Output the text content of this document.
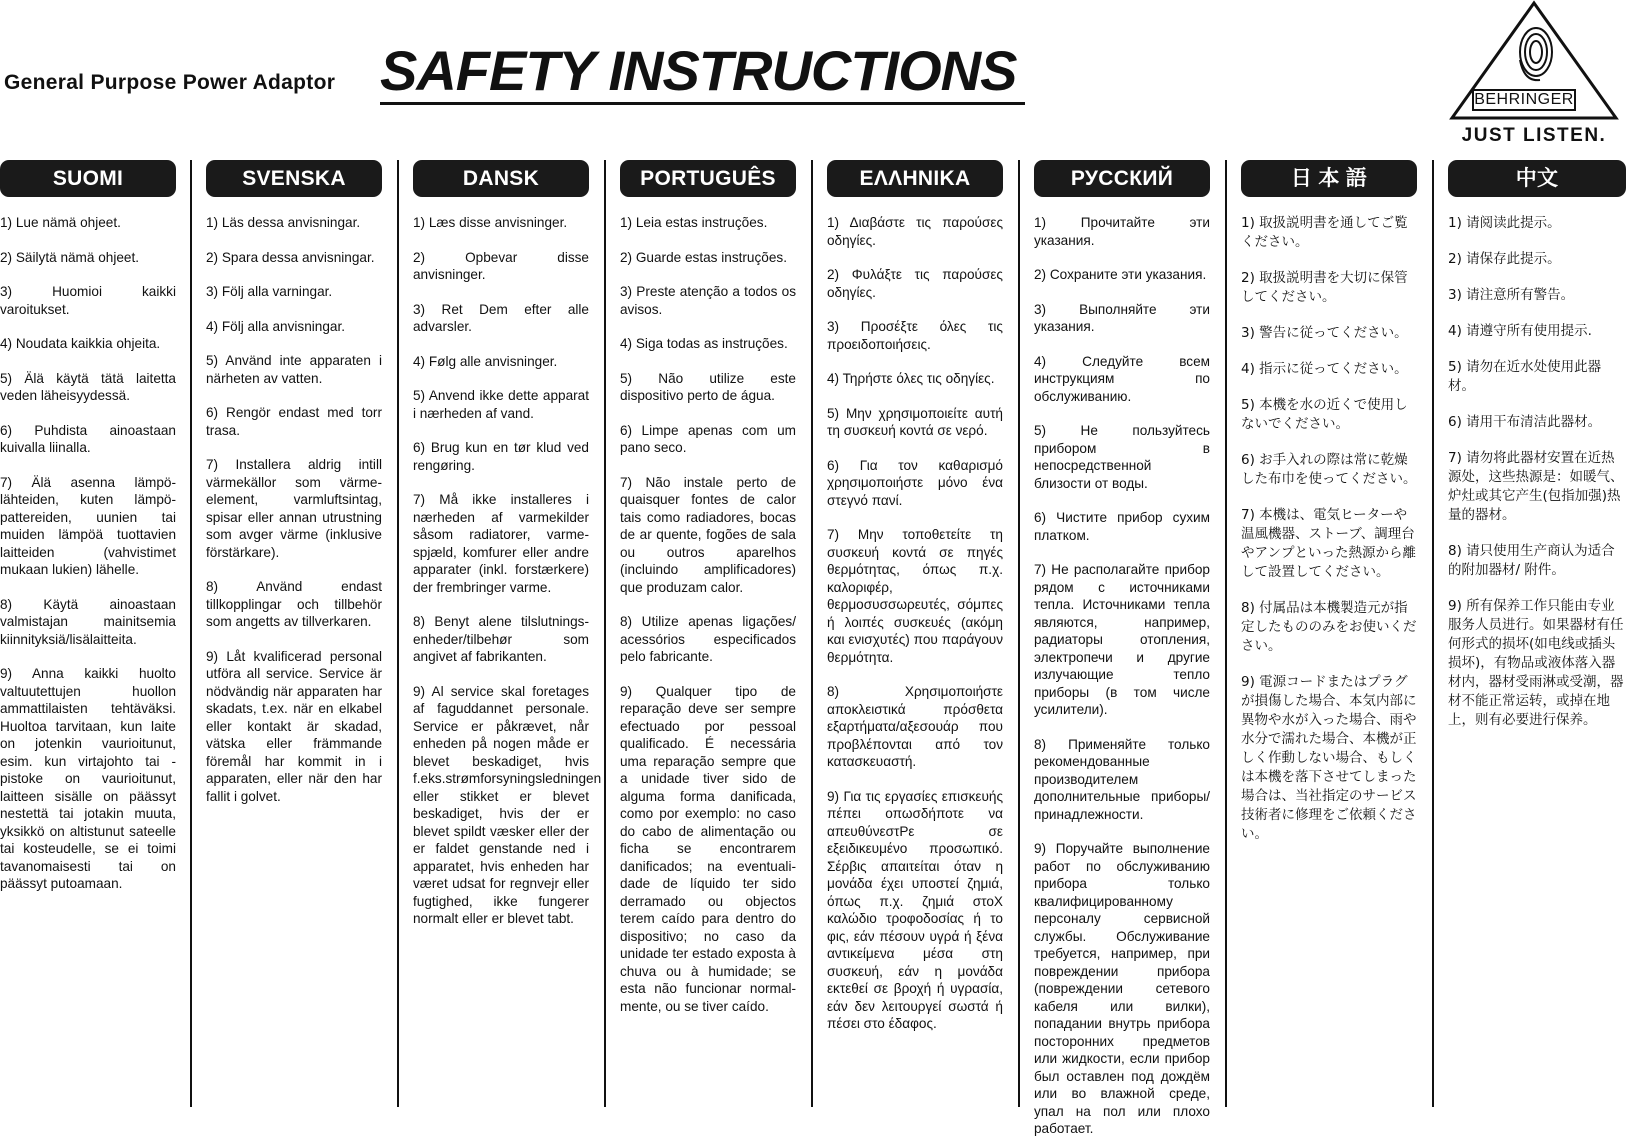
General Purpose Power Adaptor SAFETY INSTRUCTIONS	BEHRINGER
JUST LISTEN.
SUOMI
1) Lue nämä ohjeet.
2) Säilytä nämä ohjeet.
3) Huomioi kaikki varoitukset.
4) Noudata kaikkia ohjeita.
5) Älä käytä tätä laitetta veden läheisyydessä.
6) Puhdista ainoastaan kuivalla liinalla.
7) Älä asenna lämpö-lähteiden, kuten lämpö-pattereiden, uunien tai muiden lämpöä tuottavien laitteiden (vahvistimet mukaan lukien) lähelle.
8) Käytä ainoastaan valmistajan mainitsemia kiinnityksiä/lisälaitteita.
9) Anna kaikki huolto valtuutettujen huollon ammattilaisten tehtäväksi. Huoltoa tarvitaan, kun laite on jotenkin vaurioitunut, esim. kun virtajohto tai -pistoke on vaurioitunut, laitteen sisälle on päässyt nestettä tai jotakin muuta, yksikkö on altistunut sateelle tai kosteudelle, se ei toimi tavanomaisesti tai on päässyt putoamaan.
SVENSKA
1) Läs dessa anvisningar.
2) Spara dessa anvisningar.
3) Följ alla varningar.
4) Följ alla anvisningar.
5) Använd inte apparaten i närheten av vatten.
6) Rengör endast med torr trasa.
7) Installera aldrig intill värmekällor som värme-element, varmluftsintag, spisar eller annan utrustning som avger värme (inklusive förstärkare).
8) Använd endast tillkopplingar och tillbehör som angetts av tillverkaren.
9) Låt kvalificerad personal utföra all service. Service är nödvändig när apparaten har skadats, t.ex. när en elkabel eller kontakt är skadad, vätska eller främmande föremål har kommit in i apparaten, eller när den har fallit i golvet.
DANSK
1) Læs disse anvisninger.
2) Opbevar disse anvisninger.
3) Ret Dem efter alle advarsler.
4) Følg alle anvisninger.
5) Anvend ikke dette apparat i nærheden af vand.
6) Brug kun en tør klud ved rengøring.
7) Må ikke installeres i nærheden af varmekilder såsom radiatorer, varme-spjæld, komfurer eller andre apparater (inkl. forstærkere) der frembringer varme.
8) Benyt alene tilslutnings-enheder/tilbehør som angivet af fabrikanten.
9) Al service skal foretages af faguddannet personale. Service er påkrævet, når enheden på nogen måde er blevet beskadiget, hvis f.eks.strømforsyningsledningen eller stikket er blevet beskadiget, hvis der er blevet spildt væsker eller der er faldet genstande ned i apparatet, hvis enheden har været udsat for regnvejr eller fugtighed, ikke fungerer normalt eller er blevet tabt.
PORTUGUÊS
1) Leia estas instruções.
2) Guarde estas instruções.
3) Preste atenção a todos os avisos.
4) Siga todas as instruções.
5) Não utilize este dispositivo perto de água.
6) Limpe apenas com um pano seco.
7) Não instale perto de quaisquer fontes de calor tais como radiadores, bocas de ar quente, fogões de sala ou outros aparelhos (incluindo amplificadores) que produzam calor.
8) Utilize apenas ligações/ acessórios especificados pelo fabricante.
9) Qualquer tipo de reparação deve ser sempre efectuado por pessoal qualificado. É necessária uma reparação sempre que a unidade tiver sido de alguma forma danificada, como por exemplo: no caso do cabo de alimentação ou ficha se encontrarem danificados; na eventuali-dade de líquido ter sido derramado ou objectos terem caído para dentro do dispositivo; no caso da unidade ter estado exposta à chuva ou à humidade; se esta não funcionar normal-mente, ou se tiver caído.
ΕΛΛΗΝΙΚΑ
1) Διαβάστε τις παρούσες οδηγίες.
2) Φυλάξτε τις παρούσες οδηγίες.
3) Προσέξτε όλες τις προειδοποιήσεις.
4) Τηρήστε όλες τις οδηγίες.
5) Μην χρησιμοποιείτε αυτή τη συσκευή κοντά σε νερό.
6) Για τον καθαρισμό χρησιμοποιήστε μόνο ένα στεγνό πανί.
7) Μην τοποθετείτε τη συσκευή κοντά σε πηγές θερμότητας, όπως π.χ. καλοριφέρ, θερμοσυσσωρευτές, σόμπες ή λοιπές συσκευές (ακόμη και ενισχυτές) που παράγουν θερμότητα.
8) Χρησιμοποιήστε αποκλειστικά πρόσθετα εξαρτήματα/αξεσουάρ που προβλέπονται από τον κατασκευαστή.
9) Για τις εργασίες επισκευής πέπει οπωσδήποτε να απευθύνεστΡε σε εξειδικευμένο προσωπικό. Σέρβις απαιτείται όταν η μονάδα έχει υποστεί ζημιά, όπως π.χ. ζημιά στοΧ καλώδιο τροφοδοσίας ή το φις, εάν πέσουν υγρά ή ξένα αντικείμενα μέσα στη συσκευή, εάν η μονάδα εκτεθεί σε βροχή ή υγρασία, εάν δεν λειτουργεί σωστά ή πέσει στο έδαφος.
РУССКИЙ
1) Прочитайте эти указания.
2) Сохраните эти указания.
3) Выполняйте эти указания.
4) Следуйте всем инструкциям по обслуживанию.
5) Не пользуйтесь прибором в непосредственной близости от воды.
6) Чистите прибор сухим платком.
7) Не располагайте прибор рядом с источниками тепла. Источниками тепла являются, например, радиаторы отопления, электропечи и другие излучающие тепло приборы (в том числе усилители).
8) Применяйте только рекомендованные производителем дополнительные приборы/ принадлежности.
9) Поручайте выполнение работ по обслуживанию прибора только квалифицированному персоналу сервисной службы. Обслуживание требуется, например, при повреждении прибора (повреждении сетевого кабеля или вилки), попадании внутрь прибора посторонних предметов или жидкости, если прибор был оставлен под дождём или во влажной среде, упал на пол или плохо работает.
日 本 語
1) 取扱説明書を通してご覧ください。
2) 取扱説明書を大切に保管してください。
3) 警告に従ってください。
4) 指示に従ってください。
5) 本機を水の近くで使用しないでください。
6) お手入れの際は常に乾燥した布巾を使ってください。
7) 本機は、電気ヒーターや温風機器、ストーブ、調理台やアンプといった熱源から離して設置してください。
8) 付属品は本機製造元が指定したもののみをお使いください。
9) 電源コードまたはプラグが損傷した場合、本気内部に異物や水が入った場合、雨や水分で濡れた場合、本機が正しく作動しない場合、もしくは本機を落下させてしまった場合は、当社指定のサービス技術者に修理をご依頼ください。
中文
1) 请阅读此提示。
2) 请保存此提示。
3) 请注意所有警告。
4) 请遵守所有使用提示.
5) 请勿在近水处使用此器材。
6) 请用干布清洁此器材。
7) 请勿将此器材安置在近热源处，这些热源是：如暖气、炉灶或其它产生(包指加强)热量的器材。
8) 请只使用生产商认为适合的附加器材/ 附件。
9) 所有保养工作只能由专业服务人员进行。如果器材有任何形式的损坏(如电线或插头损坏)，有物品或液体落入器材内，器材受雨淋或受潮，器材不能正常运转，或掉在地上，则有必要进行保养。
